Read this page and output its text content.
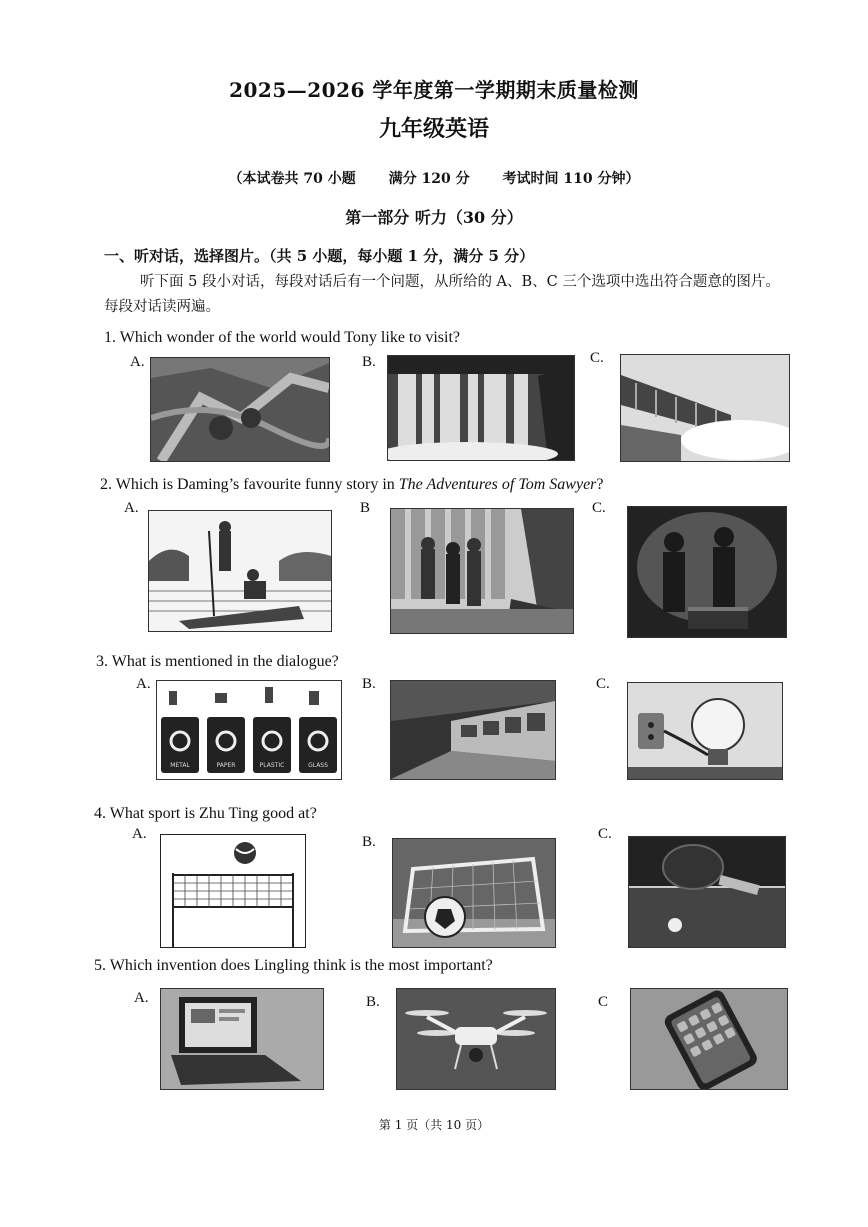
2025—2026 学年度第一学期期末质量检测
九年级英语
（本试卷共 70 小题 满分 120 分 考试时间 110 分钟）
第一部分 听力（30 分）
一、听对话，选择图片。（共 5 小题，每小题 1 分，满分 5 分）
听下面 5 段小对话，每段对话后有一个问题，从所给的 A、B、C 三个选项中选出符合题意的图片。每段对话读两遍。
1. Which wonder of the world would Tony like to visit?
A.	B.	C.
2. Which is Daming’s favourite funny story in The Adventures of Tom Sawyer?
A.	B	C.
3. What is mentioned in the dialogue?
A.	B.	C.
METAL	PAPER	PLASTIC	GLASS
4. What sport is Zhu Ting good at?
A.	B.	C.
5. Which invention does Lingling think is the most important?
A.	B.	C
第 1 页（共 10 页）
